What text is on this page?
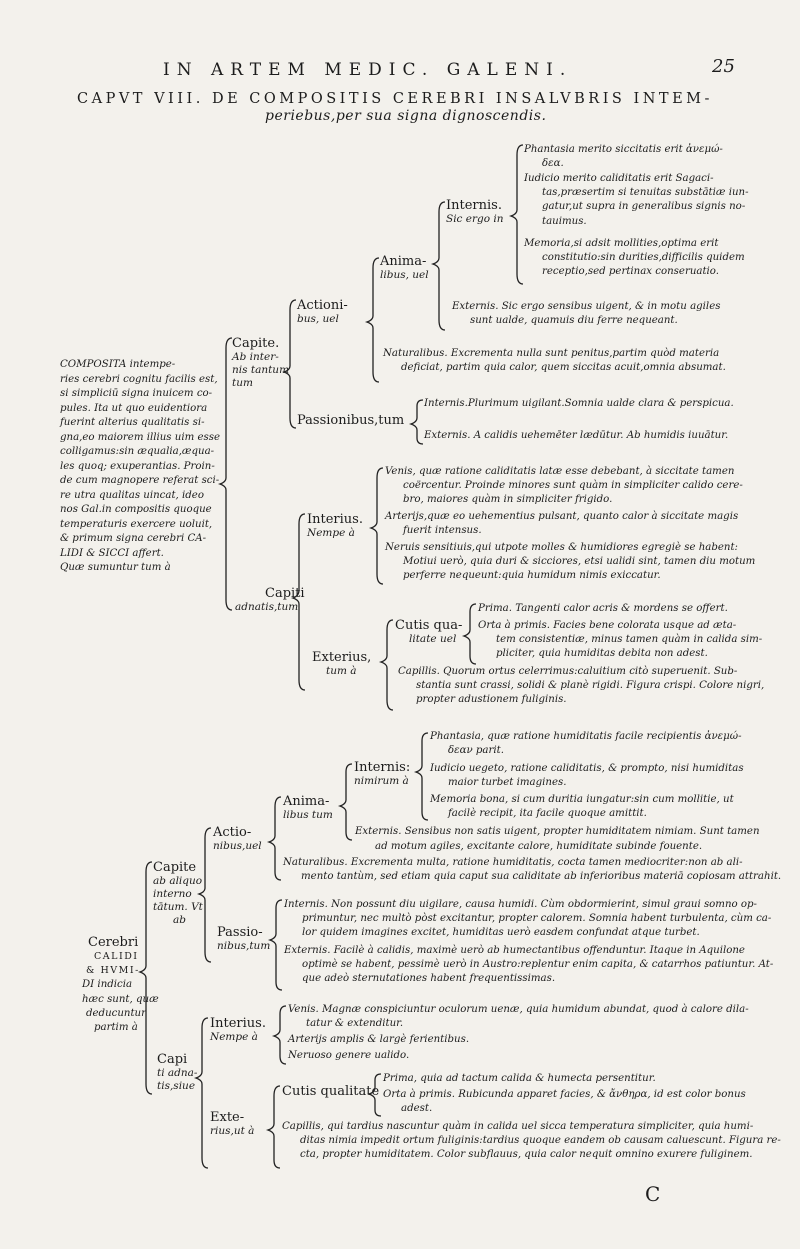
IN ARTEM MEDIC. GALENI.	25

CAPVT VIII. DE COMPOSITIS CEREBRI INSALVBRIS INTEM-

periebus,per sua signa dignoscendis.

COMPOSITA intempe-
ries cerebri cognitu facilis est,
si simpliciū signa inuicem co-
pules. Ita ut quo euidentiora
fuerint alterius qualitatis si-
gna,eo maiorem illius uim esse
colligamus:sin æqualia,æqua-
les quoq; exuperantias. Proin-
de cum magnopere referat sci-
re utra qualitas uincat, ideo
nos Gal.in compositis quoque
temperaturis exercere uoluit,
& primum signa cerebri CA-
LIDI & SICCI affert.
Quæ sumuntur tum à
Capite.
Ab inter-
nis tantum
tum
Actioni-
bus, uel
Anima-
libus, uel
Internis.
Sic ergo in
Phantasia merito siccitatis erit ἀνεμώ-
δεα.
Iudicio merito caliditatis erit Sagaci-
tas,præsertim si tenuitas substātiæ iun-
gatur,ut supra in generalibus signis no-
tauimus.
Memoria,si adsit mollities,optima erit
constitutio:sin durities,difficilis quidem
receptio,sed pertinax conseruatio.
Externis. Sic ergo sensibus uigent, & in motu agiles
sunt ualde, quamuis diu ferre nequeant.
Naturalibus. Excrementa nulla sunt penitus,partim quòd materia
deficiat, partim quia calor, quem siccitas acuit,omnia absumat.
Passionibus,tum
Internis.Plurimum uigilant.Somnia ualde clara & perspicua.
Externis. A calidis uehemēter lædūtur. Ab humidis iuuātur.
Capiti
adnatis,tum
Interius.
Nempe à
Venis, quæ ratione caliditatis latæ esse debebant, à siccitate tamen
coërcentur. Proinde minores sunt quàm in simpliciter calido cere-
bro, maiores quàm in simpliciter frigido.
Arterijs,quæ eo uehementius pulsant, quanto calor à siccitate magis
fuerit intensus.
Neruis sensitiuis,qui utpote molles & humidiores egregiè se habent:
Motiui uerò, quia duri & sicciores, etsi ualidi sint, tamen diu motum
perferre nequeunt:quia humidum nimis exiccatur.
Exterius,
tum à
Cutis qua-
litate uel
Prima. Tangenti calor acris & mordens se offert.
Orta à primis. Facies bene colorata usque ad æta-
tem consistentiæ, minus tamen quàm in calida sim-
pliciter, quia humiditas debita non adest.
Capillis. Quorum ortus celerrimus:caluitium citò superuenit. Sub-
stantia sunt crassi, solidi & planè rigidi. Figura crispi. Colore nigri,
propter adustionem fuliginis.
Cerebri
CALIDI
& HVMI-
DI indicia
hæc sunt, quæ
deducuntur
partim à
Capite
ab aliquo
interno
tātum. Vt
ab
Actio-
nibus,uel
Anima-
libus tum
Internis:
nimirum à
Phantasia, quæ ratione humiditatis facile recipientis ἀνεμώ-
δεαν parit.
Iudicio uegeto, ratione caliditatis, & prompto, nisi humiditas
maior turbet imagines.
Memoria bona, si cum duritia iungatur:sin cum mollitie, ut
facilè recipit, ita facile quoque amittit.
Externis. Sensibus non satis uigent, propter humiditatem nimiam. Sunt tamen
ad motum agiles, excitante calore, humiditate subinde fouente.
Naturalibus. Excrementa multa, ratione humiditatis, cocta tamen mediocriter:non ab ali-
mento tantùm, sed etiam quia caput sua caliditate ab inferioribus materiā copiosam attrahit.
Passio-
nibus,tum
Internis. Non possunt diu uigilare, causa humidi. Cùm obdormierint, simul graui somno op-
primuntur, nec multò pòst excitantur, propter calorem. Somnia habent turbulenta, cùm ca-
lor quidem imagines excitet, humiditas uerò easdem confundat atque turbet.
Externis. Facilè à calidis, maximè uerò ab humectantibus offenduntur. Itaque in Aquilone
optimè se habent, pessimè uerò in Austro:replentur enim capita, & catarrhos patiuntur. At-
que adeò sternutationes habent frequentissimas.
Capi
ti adna-
tis,siue
Interius.
Nempe à
Venis. Magnæ conspiciuntur oculorum uenæ, quia humidum abundat, quod à calore dila-
tatur & extenditur.
Arterijs amplis & largè ferientibus.
Neruoso genere ualido.
Exte-
rius,ut à
Cutis qualitate
Prima, quia ad tactum calida & humecta persentitur.
Orta à primis. Rubicunda apparet facies, & ἄνθηρα, id est color bonus
adest.
Capillis, qui tardius nascuntur quàm in calida uel sicca temperatura simpliciter, quia humi-
ditas nimia impedit ortum fuliginis:tardius quoque eandem ob causam caluescunt. Figura re-
cta, propter humiditatem. Color subflauus, quia calor nequit omnino exurere fuliginem.

C
